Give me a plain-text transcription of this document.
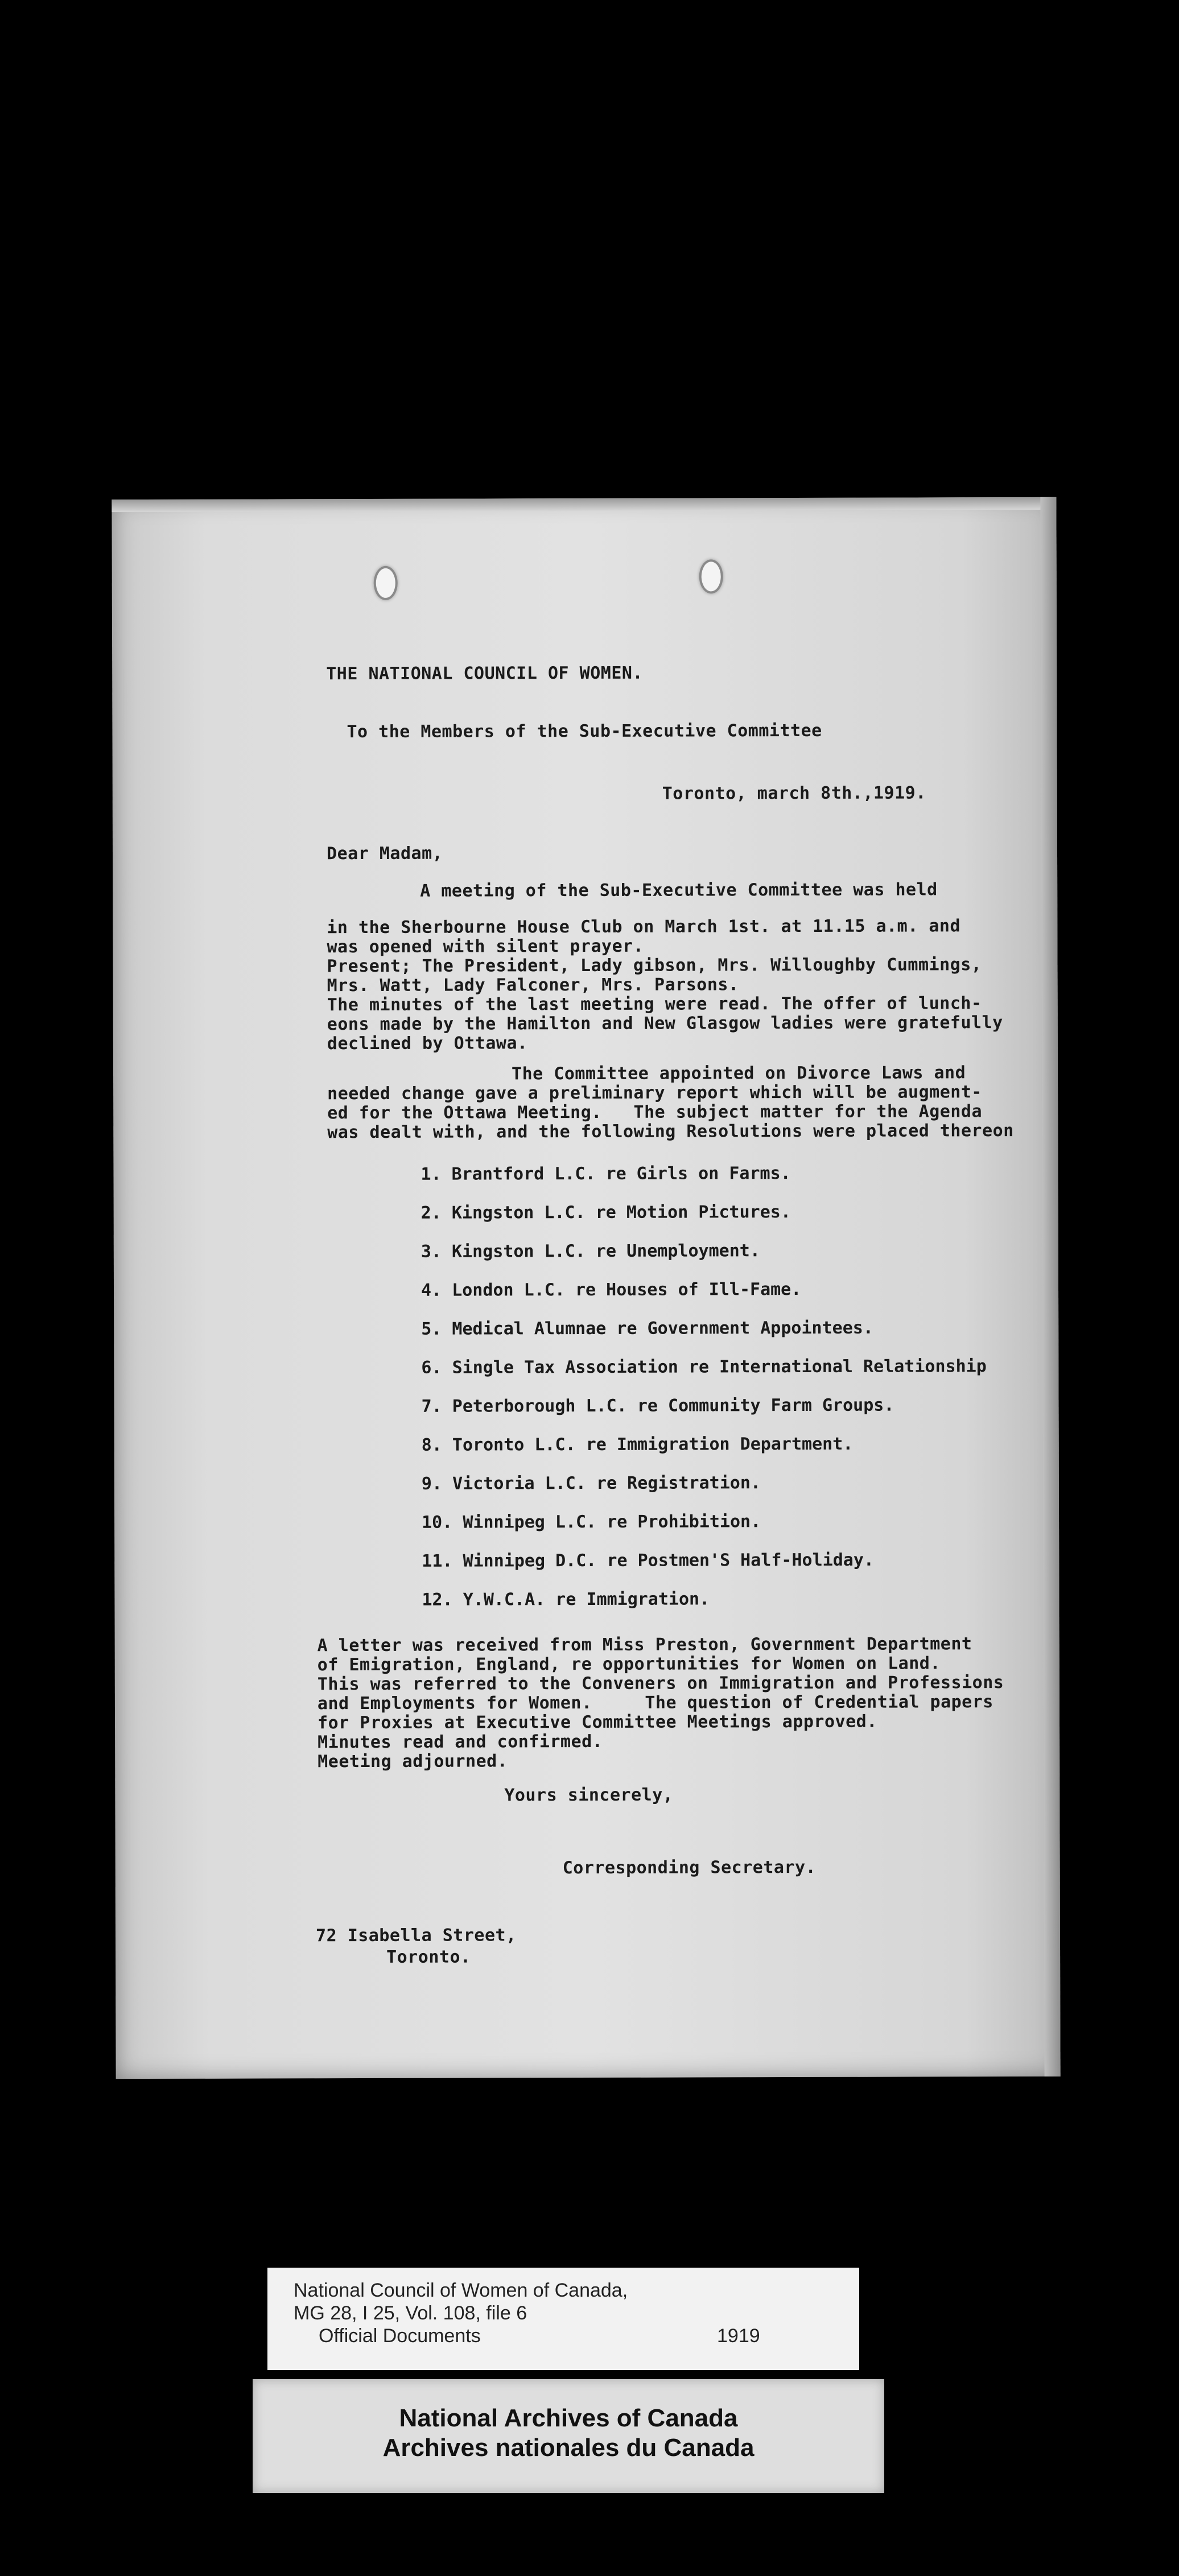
THE NATIONAL COUNCIL OF WOMEN.
To the Members of the Sub-Executive Committee
Toronto, march 8th.,1919.
Dear Madam,
A meeting of the Sub-Executive Committee was held
in the Sherbourne House Club on March 1st. at 11.15 a.m. and
was opened with silent prayer.
Present; The President, Lady gibson, Mrs. Willoughby Cummings,
Mrs. Watt, Lady Falconer, Mrs. Parsons.
The minutes of the last meeting were read. The offer of lunch-
eons made by the Hamilton and New Glasgow ladies were gratefully
declined by Ottawa.
The Committee appointed on Divorce Laws and
needed change gave a preliminary report which will be augment-
ed for the Ottawa Meeting.   The subject matter for the Agenda
was dealt with, and the following Resolutions were placed thereon
1. Brantford L.C. re Girls on Farms.
2. Kingston L.C. re Motion Pictures.
3. Kingston L.C. re Unemployment.
4. London L.C. re Houses of Ill-Fame.
5. Medical Alumnae re Government Appointees.
6. Single Tax Association re International Relationship
7. Peterborough L.C. re Community Farm Groups.
8. Toronto L.C. re Immigration Department.
9. Victoria L.C. re Registration.
10. Winnipeg L.C. re Prohibition.
11. Winnipeg D.C. re Postmen'S Half-Holiday.
12. Y.W.C.A. re Immigration.
A letter was received from Miss Preston, Government Department
of Emigration, England, re opportunities for Women on Land.
This was referred to the Conveners on Immigration and Professions
and Employments for Women.     The question of Credential papers
for Proxies at Executive Committee Meetings approved.
Minutes read and confirmed.
Meeting adjourned.
Yours sincerely,
Corresponding Secretary.
72 Isabella Street,
Toronto.
National Council of Women of Canada,
MG 28, I 25, Vol. 108, file 6
Official Documents	1919
National Archives of Canada
Archives nationales du Canada
